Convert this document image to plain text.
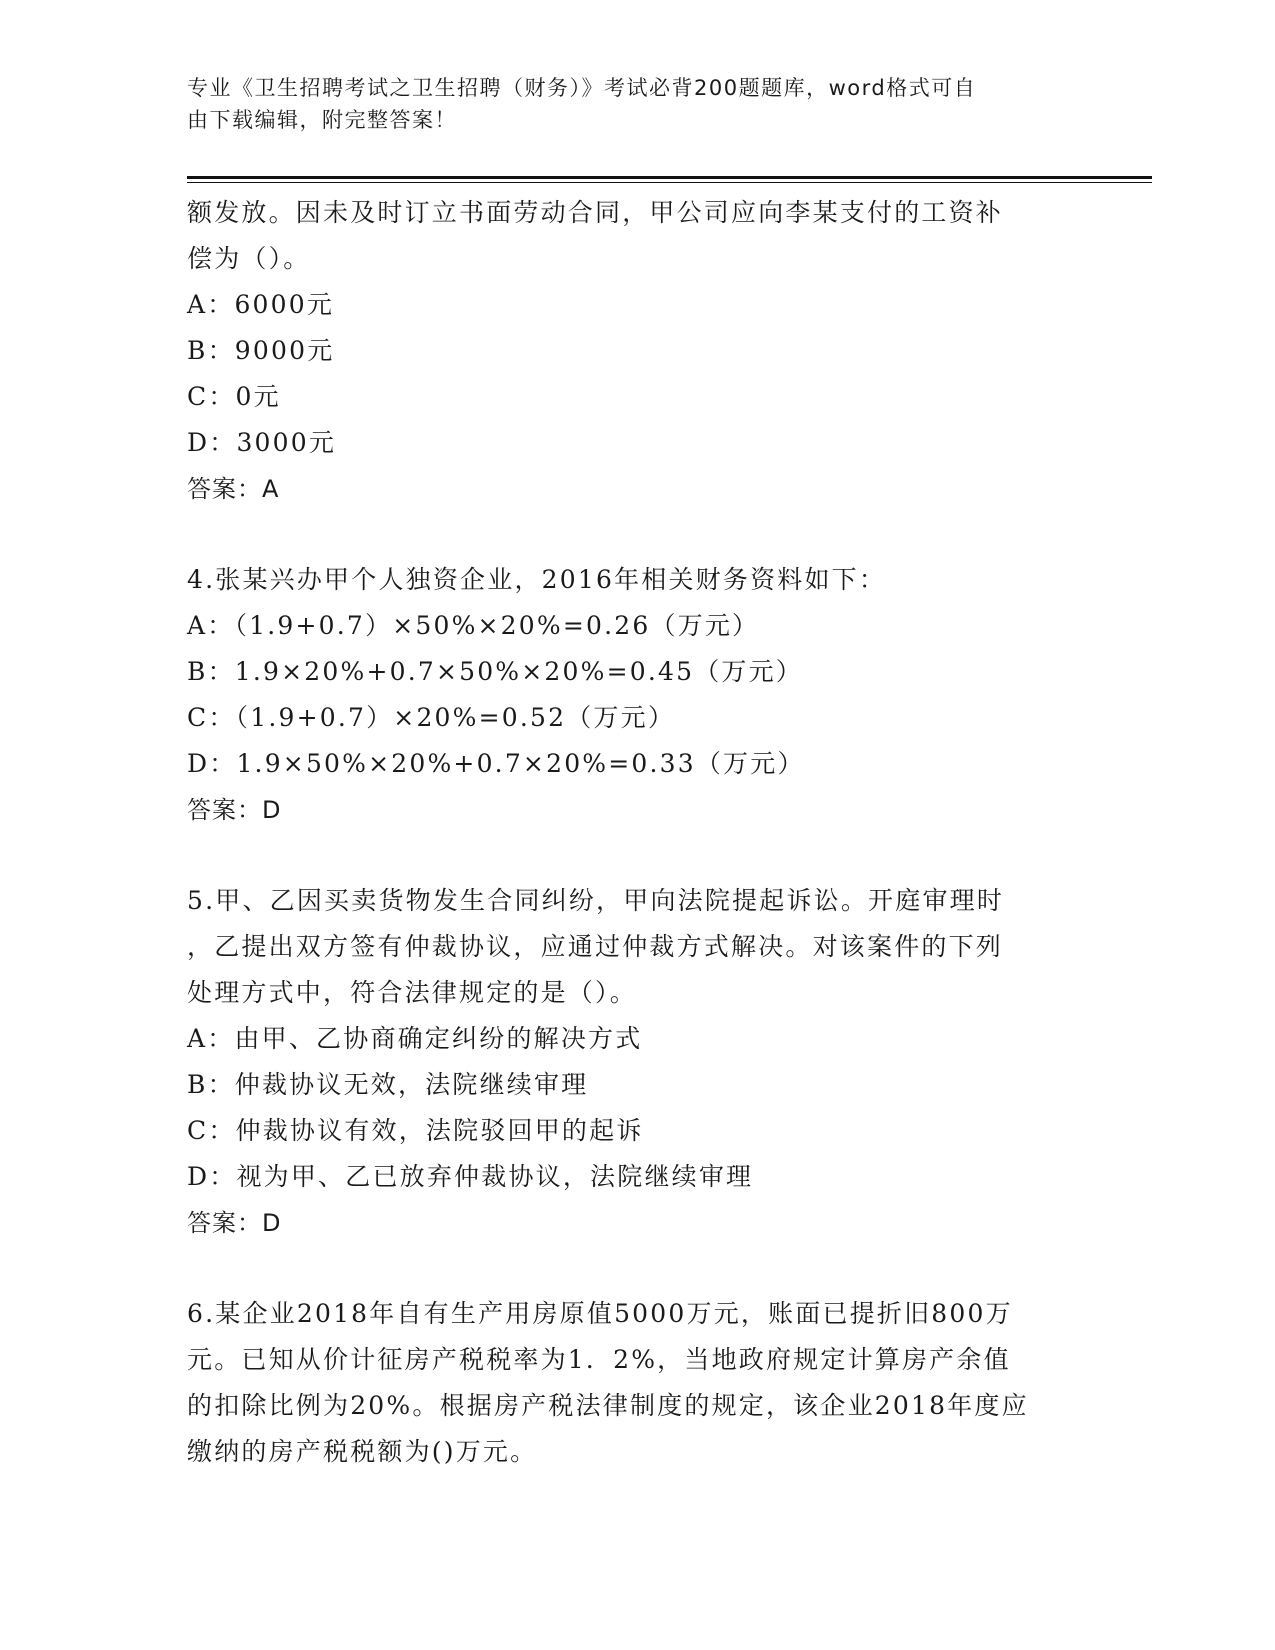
专业《卫生招聘考试之卫生招聘（财务）》考试必背200题题库，word格式可自
由下载编辑，附完整答案！
额发放。因未及时订立书面劳动合同，甲公司应向李某支付的工资补
偿为（）。
A：6000元
B：9000元
C：0元
D：3000元
答案：A
4.张某兴办甲个人独资企业，2016年相关财务资料如下：
A：（1.9+0.7）×50%×20%=0.26（万元）
B：1.9×20%+0.7×50%×20%=0.45（万元）
C：（1.9+0.7）×20%=0.52（万元）
D：1.9×50%×20%+0.7×20%=0.33（万元）
答案：D
5.甲、乙因买卖货物发生合同纠纷，甲向法院提起诉讼。开庭审理时
，乙提出双方签有仲裁协议，应通过仲裁方式解决。对该案件的下列
处理方式中，符合法律规定的是（）。
A：由甲、乙协商确定纠纷的解决方式
B：仲裁协议无效，法院继续审理
C：仲裁协议有效，法院驳回甲的起诉
D：视为甲、乙已放弃仲裁协议，法院继续审理
答案：D
6.某企业2018年自有生产用房原值5000万元，账面已提折旧800万
元。已知从价计征房产税税率为1．2%，当地政府规定计算房产余值
的扣除比例为20%。根据房产税法律制度的规定，该企业2018年度应
缴纳的房产税税额为()万元。
